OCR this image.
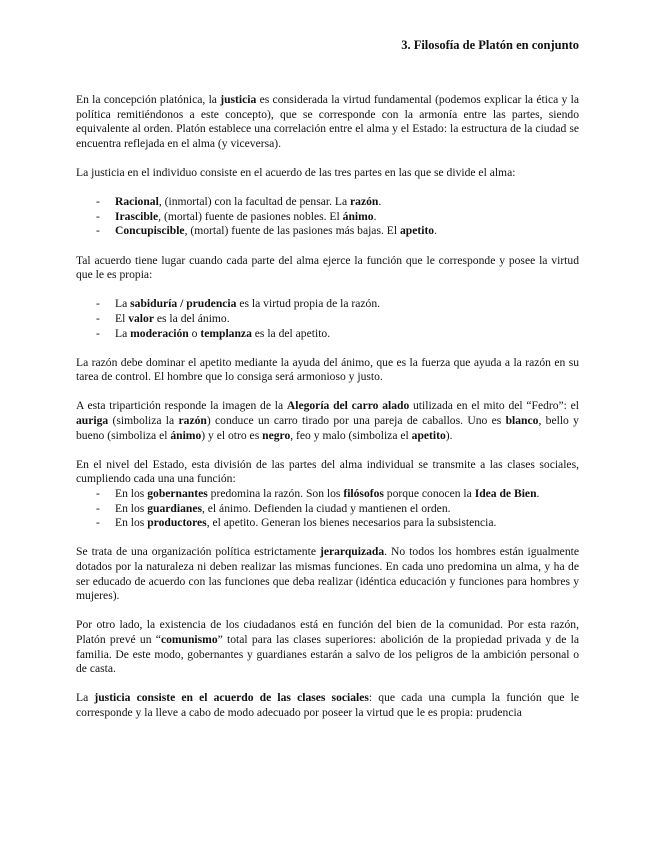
3. Filosofía de Platón en conjunto

En la concepción platónica, la justicia es considerada la virtud fundamental (podemos explicar la ética y la política remitiéndonos a este concepto), que se corresponde con la armonía entre las partes, siendo equivalente al orden. Platón establece una correlación entre el alma y el Estado: la estructura de la ciudad se encuentra reflejada en el alma (y viceversa).

La justicia en el individuo consiste en el acuerdo de las tres partes en las que se divide el alma:

- Racional, (inmortal) con la facultad de pensar. La razón.
- Irascible, (mortal) fuente de pasiones nobles. El ánimo.
- Concupiscible, (mortal) fuente de las pasiones más bajas. El apetito.

Tal acuerdo tiene lugar cuando cada parte del alma ejerce la función que le corresponde y posee la virtud que le es propia:

- La sabiduría / prudencia es la virtud propia de la razón.
- El valor es la del ánimo.
- La moderación o templanza es la del apetito.

La razón debe dominar el apetito mediante la ayuda del ánimo, que es la fuerza que ayuda a la razón en su tarea de control. El hombre que lo consiga será armonioso y justo.

A esta tripartición responde la imagen de la Alegoría del carro alado utilizada en el mito del “Fedro”: el auriga (simboliza la razón) conduce un carro tirado por una pareja de caballos. Uno es blanco, bello y bueno (simboliza el ánimo) y el otro es negro, feo y malo (simboliza el apetito).

En el nivel del Estado, esta división de las partes del alma individual se transmite a las clases sociales, cumpliendo cada una una función:

- En los gobernantes predomina la razón. Son los filósofos porque conocen la Idea de Bien.
- En los guardianes, el ánimo. Defienden la ciudad y mantienen el orden.
- En los productores, el apetito. Generan los bienes necesarios para la subsistencia.

Se trata de una organización política estrictamente jerarquizada. No todos los hombres están igualmente dotados por la naturaleza ni deben realizar las mismas funciones. En cada uno predomina un alma, y ha de ser educado de acuerdo con las funciones que deba realizar (idéntica educación y funciones para hombres y mujeres).

Por otro lado, la existencia de los ciudadanos está en función del bien de la comunidad. Por esta razón, Platón prevé un “comunismo” total para las clases superiores: abolición de la propiedad privada y de la familia. De este modo, gobernantes y guardianes estarán a salvo de los peligros de la ambición personal o de casta.

La justicia consiste en el acuerdo de las clases sociales: que cada una cumpla la función que le corresponde y la lleve a cabo de modo adecuado por poseer la virtud que le es propia: prudencia
